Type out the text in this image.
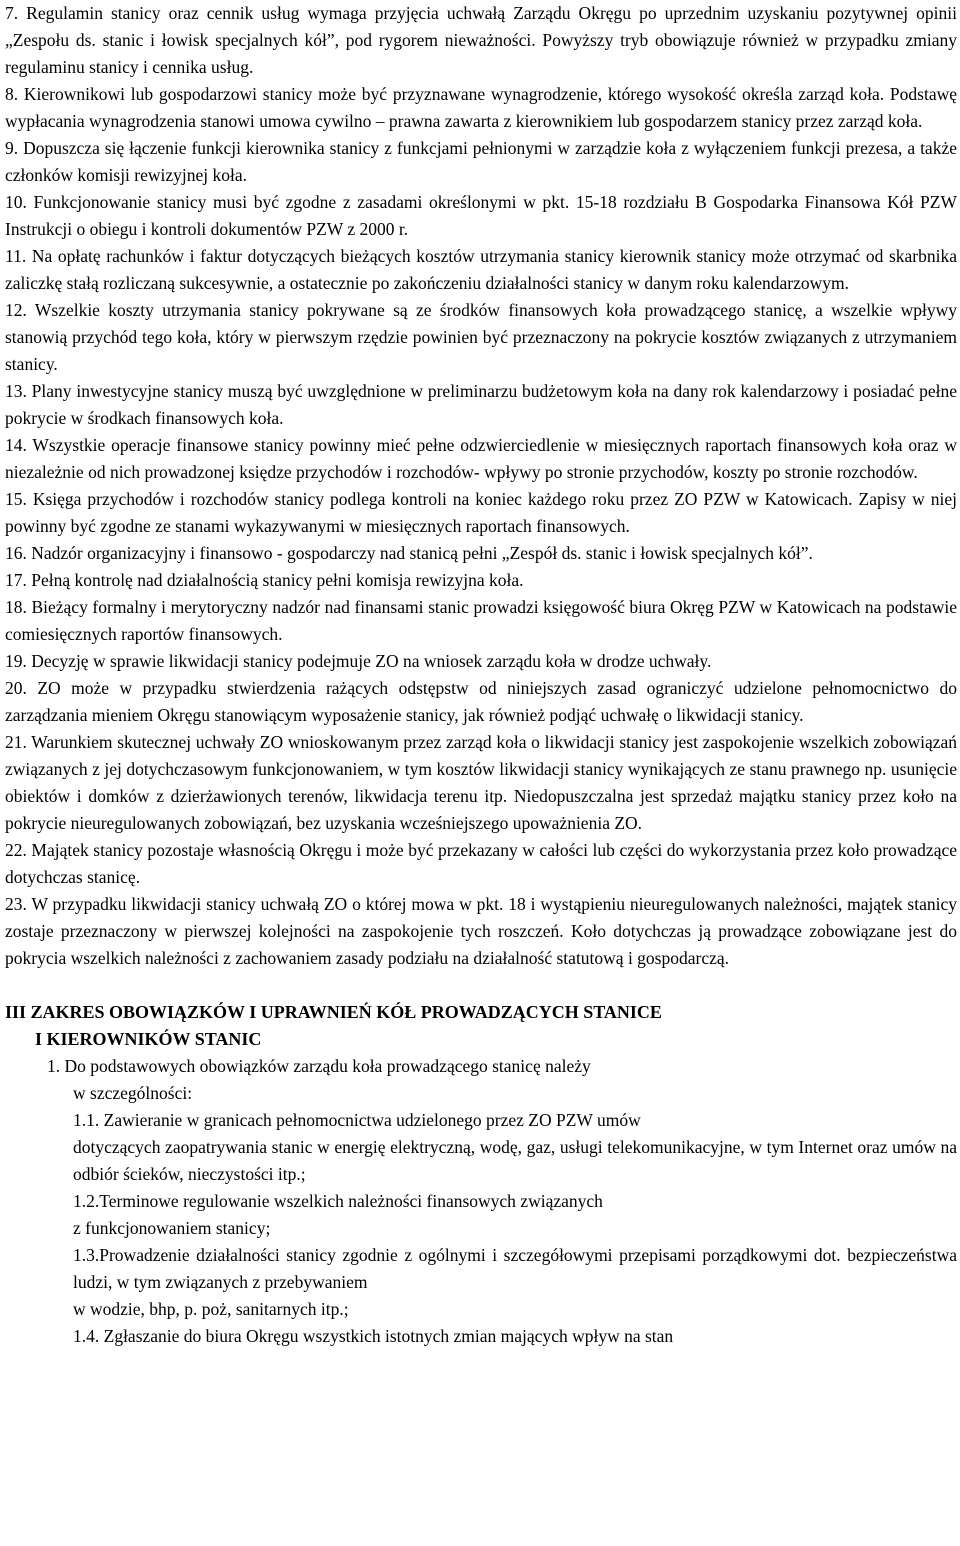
7. Regulamin stanicy oraz cennik usług wymaga przyjęcia uchwałą Zarządu Okręgu po uprzednim uzyskaniu pozytywnej opinii „Zespołu ds. stanic i łowisk specjalnych kół”, pod rygorem nieważności. Powyższy tryb obowiązuje również w przypadku zmiany regulaminu stanicy i cennika usług.

8. Kierownikowi lub gospodarzowi stanicy może być przyznawane wynagrodzenie, którego wysokość określa zarząd koła. Podstawę wypłacania wynagrodzenia stanowi umowa cywilno – prawna zawarta z kierownikiem lub gospodarzem stanicy przez zarząd koła.

9. Dopuszcza się łączenie funkcji kierownika stanicy z funkcjami pełnionymi w zarządzie koła z wyłączeniem funkcji prezesa, a także członków komisji rewizyjnej koła.

10. Funkcjonowanie stanicy musi być zgodne z zasadami określonymi w pkt. 15-18 rozdziału B Gospodarka Finansowa Kół PZW Instrukcji o obiegu i kontroli dokumentów PZW z 2000 r.

11. Na opłatę rachunków i faktur dotyczących bieżących kosztów utrzymania stanicy kierownik stanicy może otrzymać od skarbnika zaliczkę stałą rozliczaną sukcesywnie, a ostatecznie po zakończeniu działalności stanicy w danym roku kalendarzowym.

12. Wszelkie koszty utrzymania stanicy pokrywane są ze środków finansowych koła prowadzącego stanicę, a wszelkie wpływy stanowią przychód tego koła, który w pierwszym rzędzie powinien być przeznaczony na pokrycie kosztów związanych z utrzymaniem stanicy.

13. Plany inwestycyjne stanicy muszą być uwzględnione w preliminarzu budżetowym koła na dany rok kalendarzowy i posiadać pełne pokrycie w środkach finansowych koła.

14. Wszystkie operacje finansowe stanicy powinny mieć pełne odzwierciedlenie w miesięcznych raportach finansowych koła oraz w niezależnie od nich prowadzonej księdze przychodów i rozchodów- wpływy po stronie przychodów, koszty po stronie rozchodów.

15. Księga przychodów i rozchodów stanicy podlega kontroli na koniec każdego roku przez ZO PZW w Katowicach. Zapisy w niej powinny być zgodne ze stanami wykazywanymi w miesięcznych raportach finansowych.

16. Nadzór organizacyjny i finansowo - gospodarczy nad stanicą pełni „Zespół ds. stanic i łowisk specjalnych kół”.

17. Pełną kontrolę nad działalnością stanicy pełni komisja rewizyjna koła.

18. Bieżący formalny i merytoryczny nadzór nad finansami stanic prowadzi księgowość biura Okręg PZW w Katowicach na podstawie comiesięcznych raportów finansowych.

19. Decyzję w sprawie likwidacji stanicy podejmuje ZO na wniosek zarządu koła w drodze uchwały.

20. ZO może w przypadku stwierdzenia rażących odstępstw od niniejszych zasad ograniczyć udzielone pełnomocnictwo do zarządzania mieniem Okręgu stanowiącym wyposażenie stanicy, jak również podjąć uchwałę o likwidacji stanicy.

21. Warunkiem skutecznej uchwały ZO wnioskowanym przez zarząd koła o likwidacji stanicy jest zaspokojenie wszelkich zobowiązań związanych z jej dotychczasowym funkcjonowaniem, w tym kosztów likwidacji stanicy wynikających ze stanu prawnego np. usunięcie obiektów i domków z dzierżawionych terenów, likwidacja terenu itp. Niedopuszczalna jest sprzedaż majątku stanicy przez koło na pokrycie nieuregulowanych zobowiązań, bez uzyskania wcześniejszego upoważnienia ZO.

22. Majątek stanicy pozostaje własnością Okręgu i może być przekazany w całości lub części do wykorzystania przez koło prowadzące dotychczas stanicę.

23. W przypadku likwidacji stanicy uchwałą ZO o której mowa w pkt. 18 i wystąpieniu nieuregulowanych należności, majątek stanicy zostaje przeznaczony w pierwszej kolejności na zaspokojenie tych roszczeń. Koło dotychczas ją prowadzące zobowiązane jest do pokrycia wszelkich należności z zachowaniem zasady podziału na działalność statutową i gospodarczą.

III ZAKRES OBOWIĄZKÓW I UPRAWNIEŃ KÓŁ PROWADZĄCYCH STANICE
I KIEROWNIKÓW STANIC

1. Do podstawowych obowiązków zarządu koła prowadzącego stanicę należy
w szczególności:

1.1. Zawieranie w granicach pełnomocnictwa udzielonego przez ZO PZW umów
dotyczących zaopatrywania stanic w energię elektryczną, wodę, gaz, usługi telekomunikacyjne, w tym Internet oraz umów na odbiór ścieków, nieczystości itp.;

1.2.Terminowe regulowanie wszelkich należności finansowych związanych
z funkcjonowaniem stanicy;

1.3.Prowadzenie działalności stanicy zgodnie z ogólnymi i szczegółowymi przepisami porządkowymi dot. bezpieczeństwa ludzi, w tym związanych z przebywaniem
w wodzie, bhp, p. poż, sanitarnych itp.;

1.4. Zgłaszanie do biura Okręgu wszystkich istotnych zmian mających wpływ na stan
